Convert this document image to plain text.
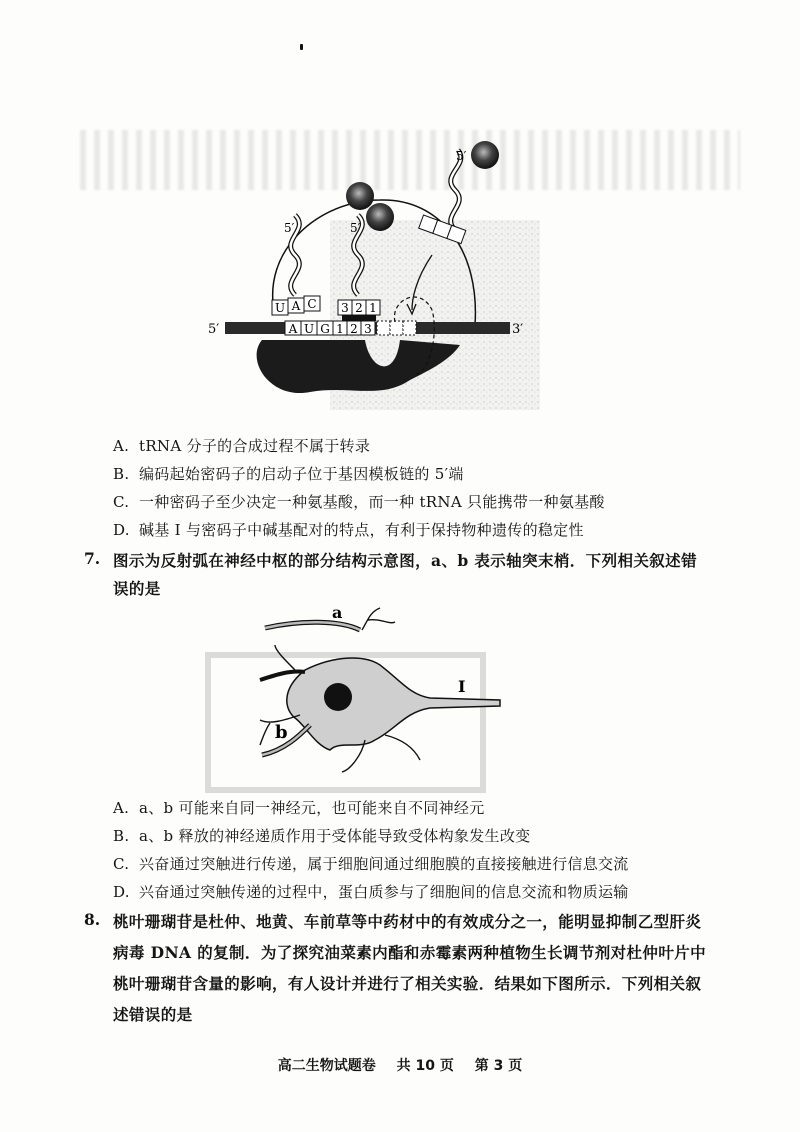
5′	3′
A U G 1 2 3
U A C 3 2 1
5′	5′
5′
A. tRNA 分子的合成过程不属于转录
B. 编码起始密码子的启动子位于基因模板链的 5′端
C. 一种密码子至少决定一种氨基酸，而一种 tRNA 只能携带一种氨基酸
D. 碱基 I 与密码子中碱基配对的特点，有利于保持物种遗传的稳定性
7. 图示为反射弧在神经中枢的部分结构示意图，a、b 表示轴突末梢．下列相关叙述错
误的是
a
b
I
A. a、b 可能来自同一神经元，也可能来自不同神经元
B. a、b 释放的神经递质作用于受体能导致受体构象发生改变
C. 兴奋通过突触进行传递，属于细胞间通过细胞膜的直接接触进行信息交流
D. 兴奋通过突触传递的过程中，蛋白质参与了细胞间的信息交流和物质运输
8. 桃叶珊瑚苷是杜仲、地黄、车前草等中药材中的有效成分之一，能明显抑制乙型肝炎
病毒 DNA 的复制．为了探究油菜素内酯和赤霉素两种植物生长调节剂对杜仲叶片中
桃叶珊瑚苷含量的影响，有人设计并进行了相关实验．结果如下图所示．下列相关叙
述错误的是
高二生物试题卷 共 10 页 第 3 页
